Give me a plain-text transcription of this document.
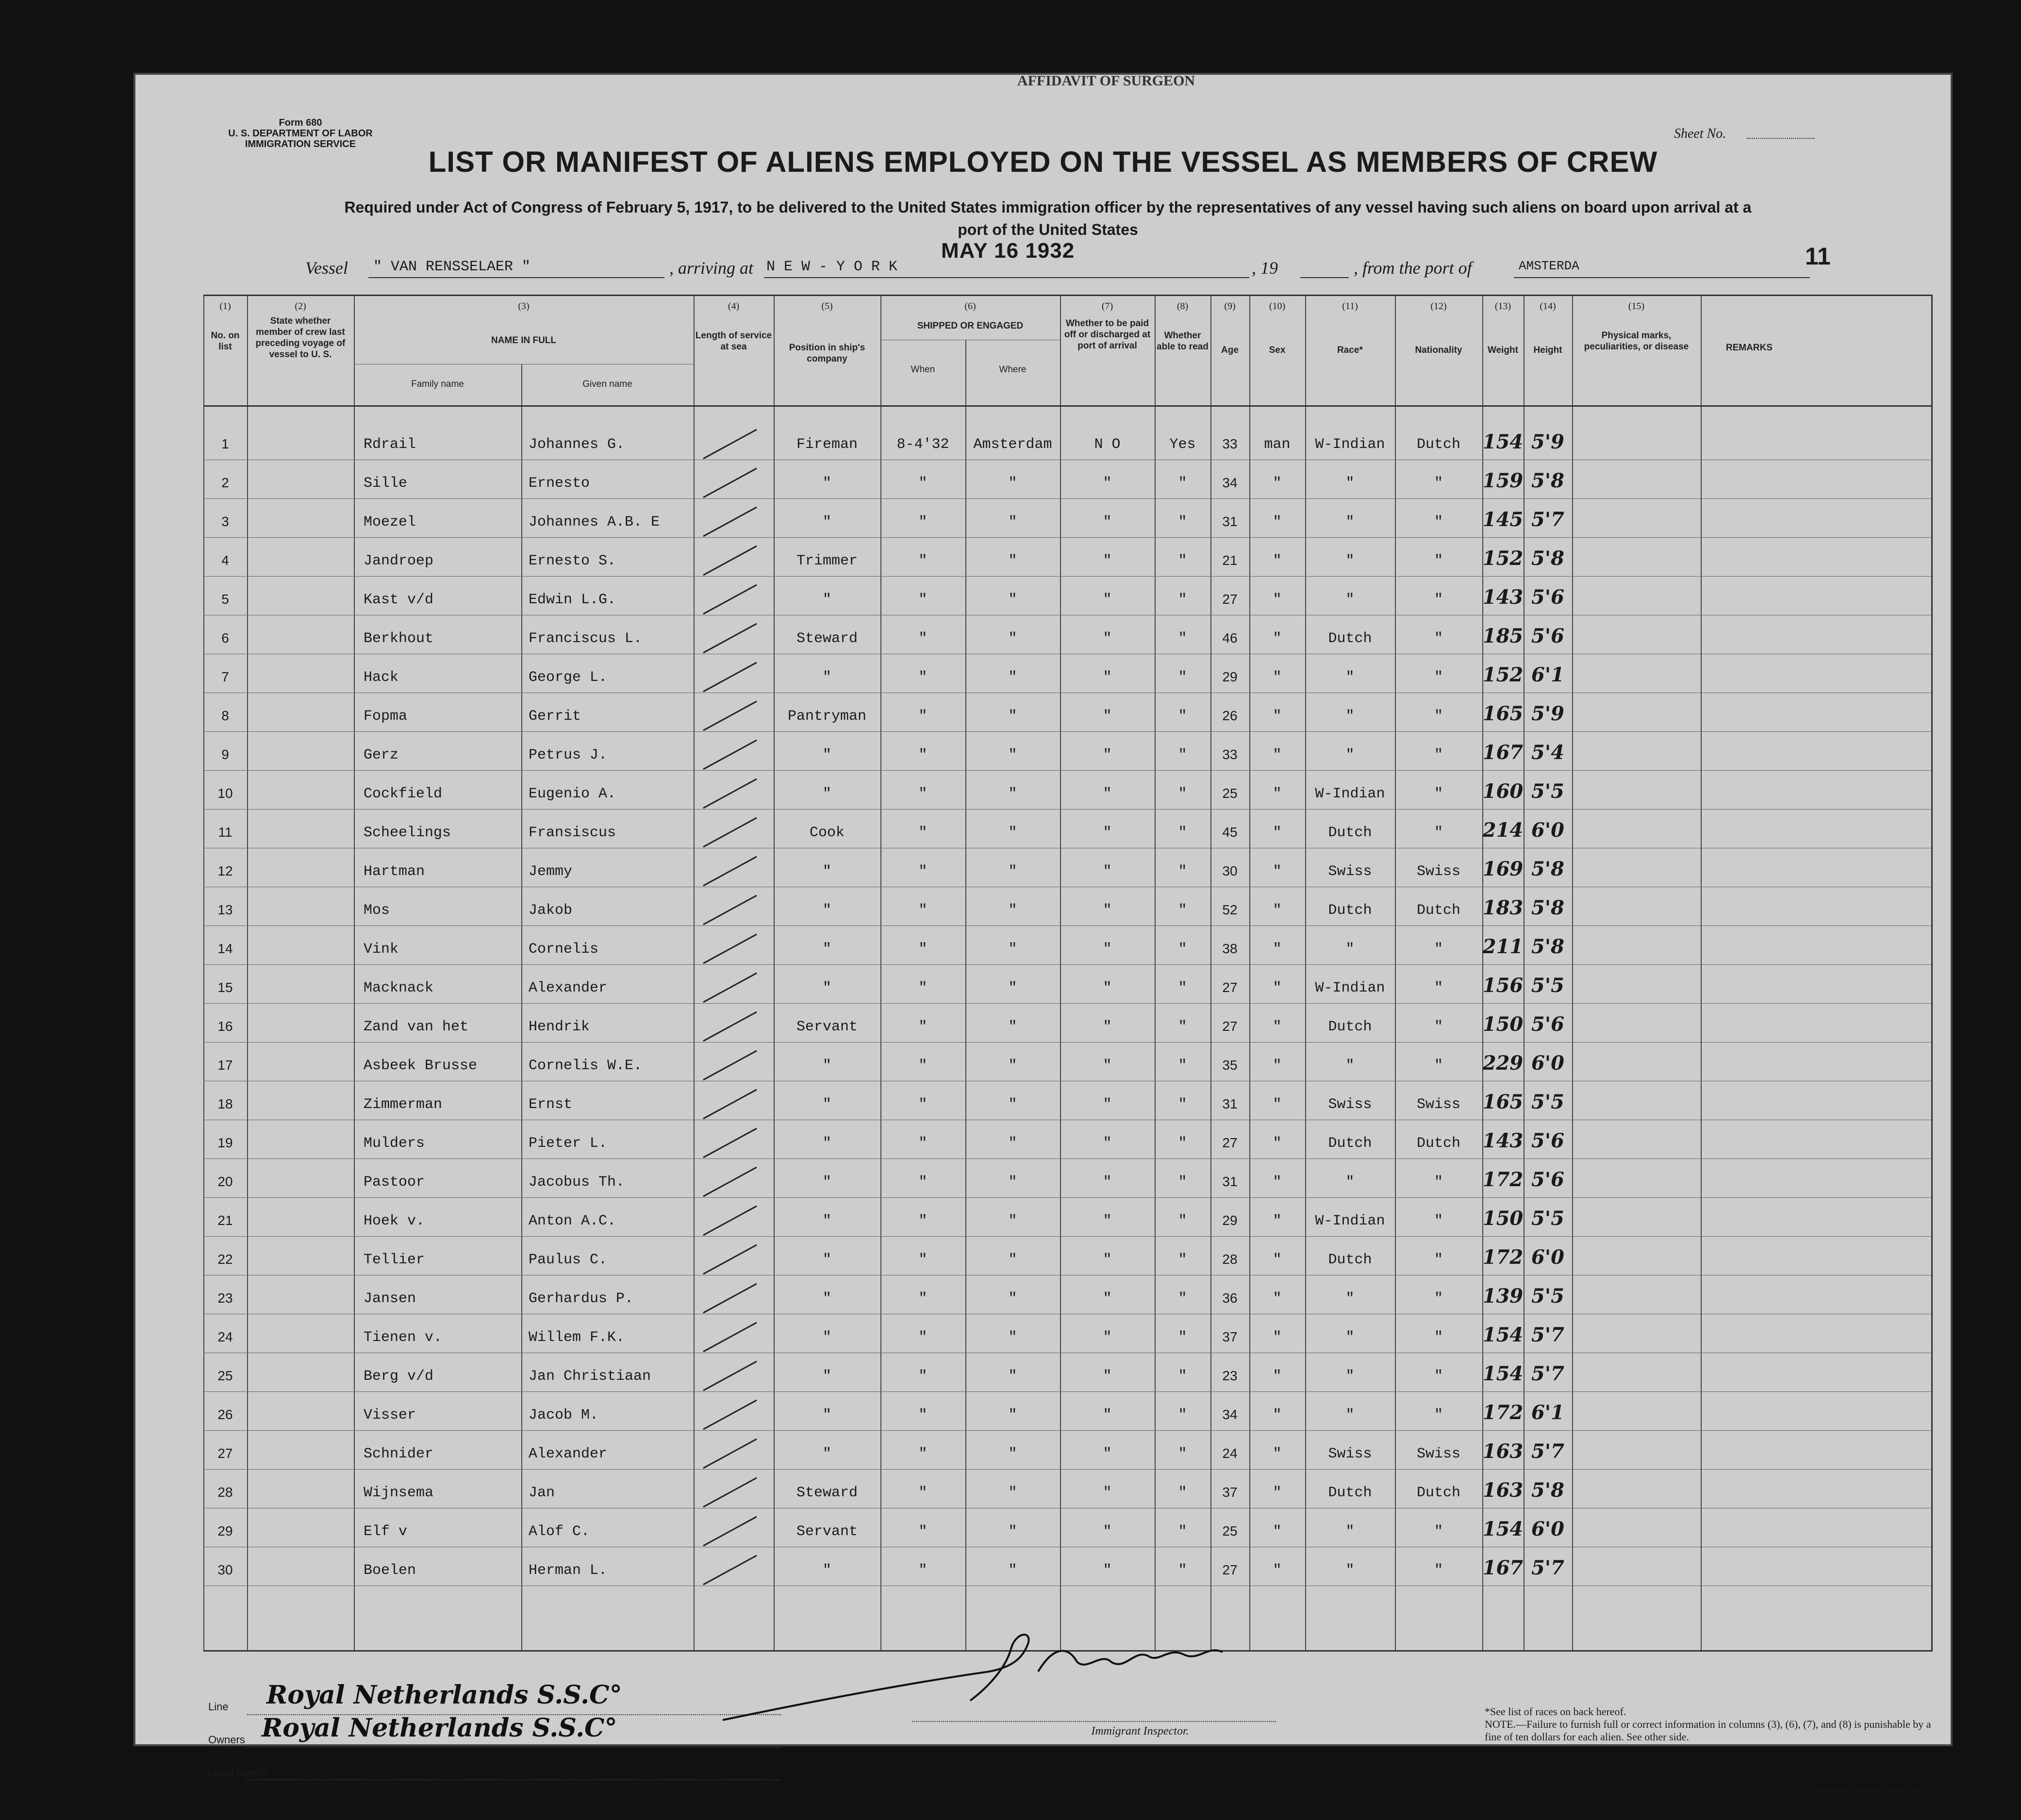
AFFIDAVIT OF SURGEON
Form 680
U. S. DEPARTMENT OF LABOR
IMMIGRATION SERVICE
Sheet No.
LIST OR MANIFEST OF ALIENS EMPLOYED ON THE VESSEL AS MEMBERS OF CREW
Required under Act of Congress of February 5, 1917, to be delivered to the United States immigration officer by the representatives of any vessel having such aliens on board upon arrival at a
port of the United States
MAY 16 1932	11
Vessel " VAN RENSSELAER "	, arriving at N E W - Y O R K	, 19	, from the port of	AMSTERDA
(1)	(2)	(3)	(4)	(5)	(6)	(7)	(8)	(9)	(10)	(11)	(12)	(13)	(14)	(15)
No. on list
State whether member of crew last preceding voyage of vessel to U. S.
NAME IN FULL
Family name	Given name
Length of service at sea	Position in ship's company
SHIPPED OR ENGAGED
When	Where
Whether to be paid off or discharged at port of arrival
Whether able to read	Age	Sex	Race*	Nationality	Weight	Height
Physical marks, peculiarities, or disease	REMARKS
1	Rdrail	Johannes G.	Fireman	8-4'32	Amsterdam	N O	Yes	33	man	W-Indian	Dutch	154 5'9
2	Sille	Ernesto	"	"	"	"	"	34	"	"	"	159 5'8
3	Moezel	Johannes A.B. E	"	"	"	"	"	31	"	"	"	145 5'7
4	Jandroep	Ernesto S.	Trimmer	"	"	"	"	21	"	"	"	152 5'8
5	Kast v/d	Edwin L.G.	"	"	"	"	"	27	"	"	"	143 5'6
6	Berkhout	Franciscus L.	Steward	"	"	"	"	46	"	Dutch	"	185 5'6
7	Hack	George L.	"	"	"	"	"	29	"	"	"	152 6'1
8	Fopma	Gerrit	Pantryman	"	"	"	"	26	"	"	"	165 5'9
9	Gerz	Petrus J.	"	"	"	"	"	33	"	"	"	167 5'4
10	Cockfield	Eugenio A.	"	"	"	"	"	25	"	W-Indian	"	160 5'5
11	Scheelings	Fransiscus	Cook	"	"	"	"	45	"	Dutch	"	214 6'0
12	Hartman	Jemmy	"	"	"	"	"	30	"	Swiss	Swiss	169 5'8
13	Mos	Jakob	"	"	"	"	"	52	"	Dutch	Dutch	183 5'8
14	Vink	Cornelis	"	"	"	"	"	38	"	"	"	211 5'8
15	Macknack	Alexander	"	"	"	"	"	27	"	W-Indian	"	156 5'5
16	Zand van het	Hendrik	Servant	"	"	"	"	27	"	Dutch	"	150 5'6
17	Asbeek Brusse	Cornelis W.E.	"	"	"	"	"	35	"	"	"	229 6'0
18	Zimmerman	Ernst	"	"	"	"	"	31	"	Swiss	Swiss	165 5'5
19	Mulders	Pieter L.	"	"	"	"	"	27	"	Dutch	Dutch	143 5'6
20	Pastoor	Jacobus Th.	"	"	"	"	"	31	"	"	"	172 5'6
21	Hoek v.	Anton A.C.	"	"	"	"	"	29	"	W-Indian	"	150 5'5
22	Tellier	Paulus C.	"	"	"	"	"	28	"	Dutch	"	172 6'0
23	Jansen	Gerhardus P.	"	"	"	"	"	36	"	"	"	139 5'5
24	Tienen v.	Willem F.K.	"	"	"	"	"	37	"	"	"	154 5'7
25	Berg v/d	Jan Christiaan	"	"	"	"	"	23	"	"	"	154 5'7
26	Visser	Jacob M.	"	"	"	"	"	34	"	"	"	172 6'1
27	Schnider	Alexander	"	"	"	"	"	24	"	Swiss	Swiss	163 5'7
28	Wijnsema	Jan	Steward	"	"	"	"	37	"	Dutch	Dutch	163 5'8
29	Elf v	Alof C.	Servant	"	"	"	"	25	"	"	"	154 6'0
30	Boelen	Herman L.	"	"	"	"	"	27	"	"	"	167 5'7
Line Royal Netherlands S.S.C°
Owners Royal Netherlands S.S.C°
Local Agents
Funch Edye & C°
Immigrant Inspector.
*See list of races on back hereof.
NOTE.—Failure to furnish full or correct information in columns (3), (6), (7), and (8) is punishable by a fine of ten dollars for each alien. See other side.
U. S. GOVERNMENT PRINTING OFFICE: 1930
